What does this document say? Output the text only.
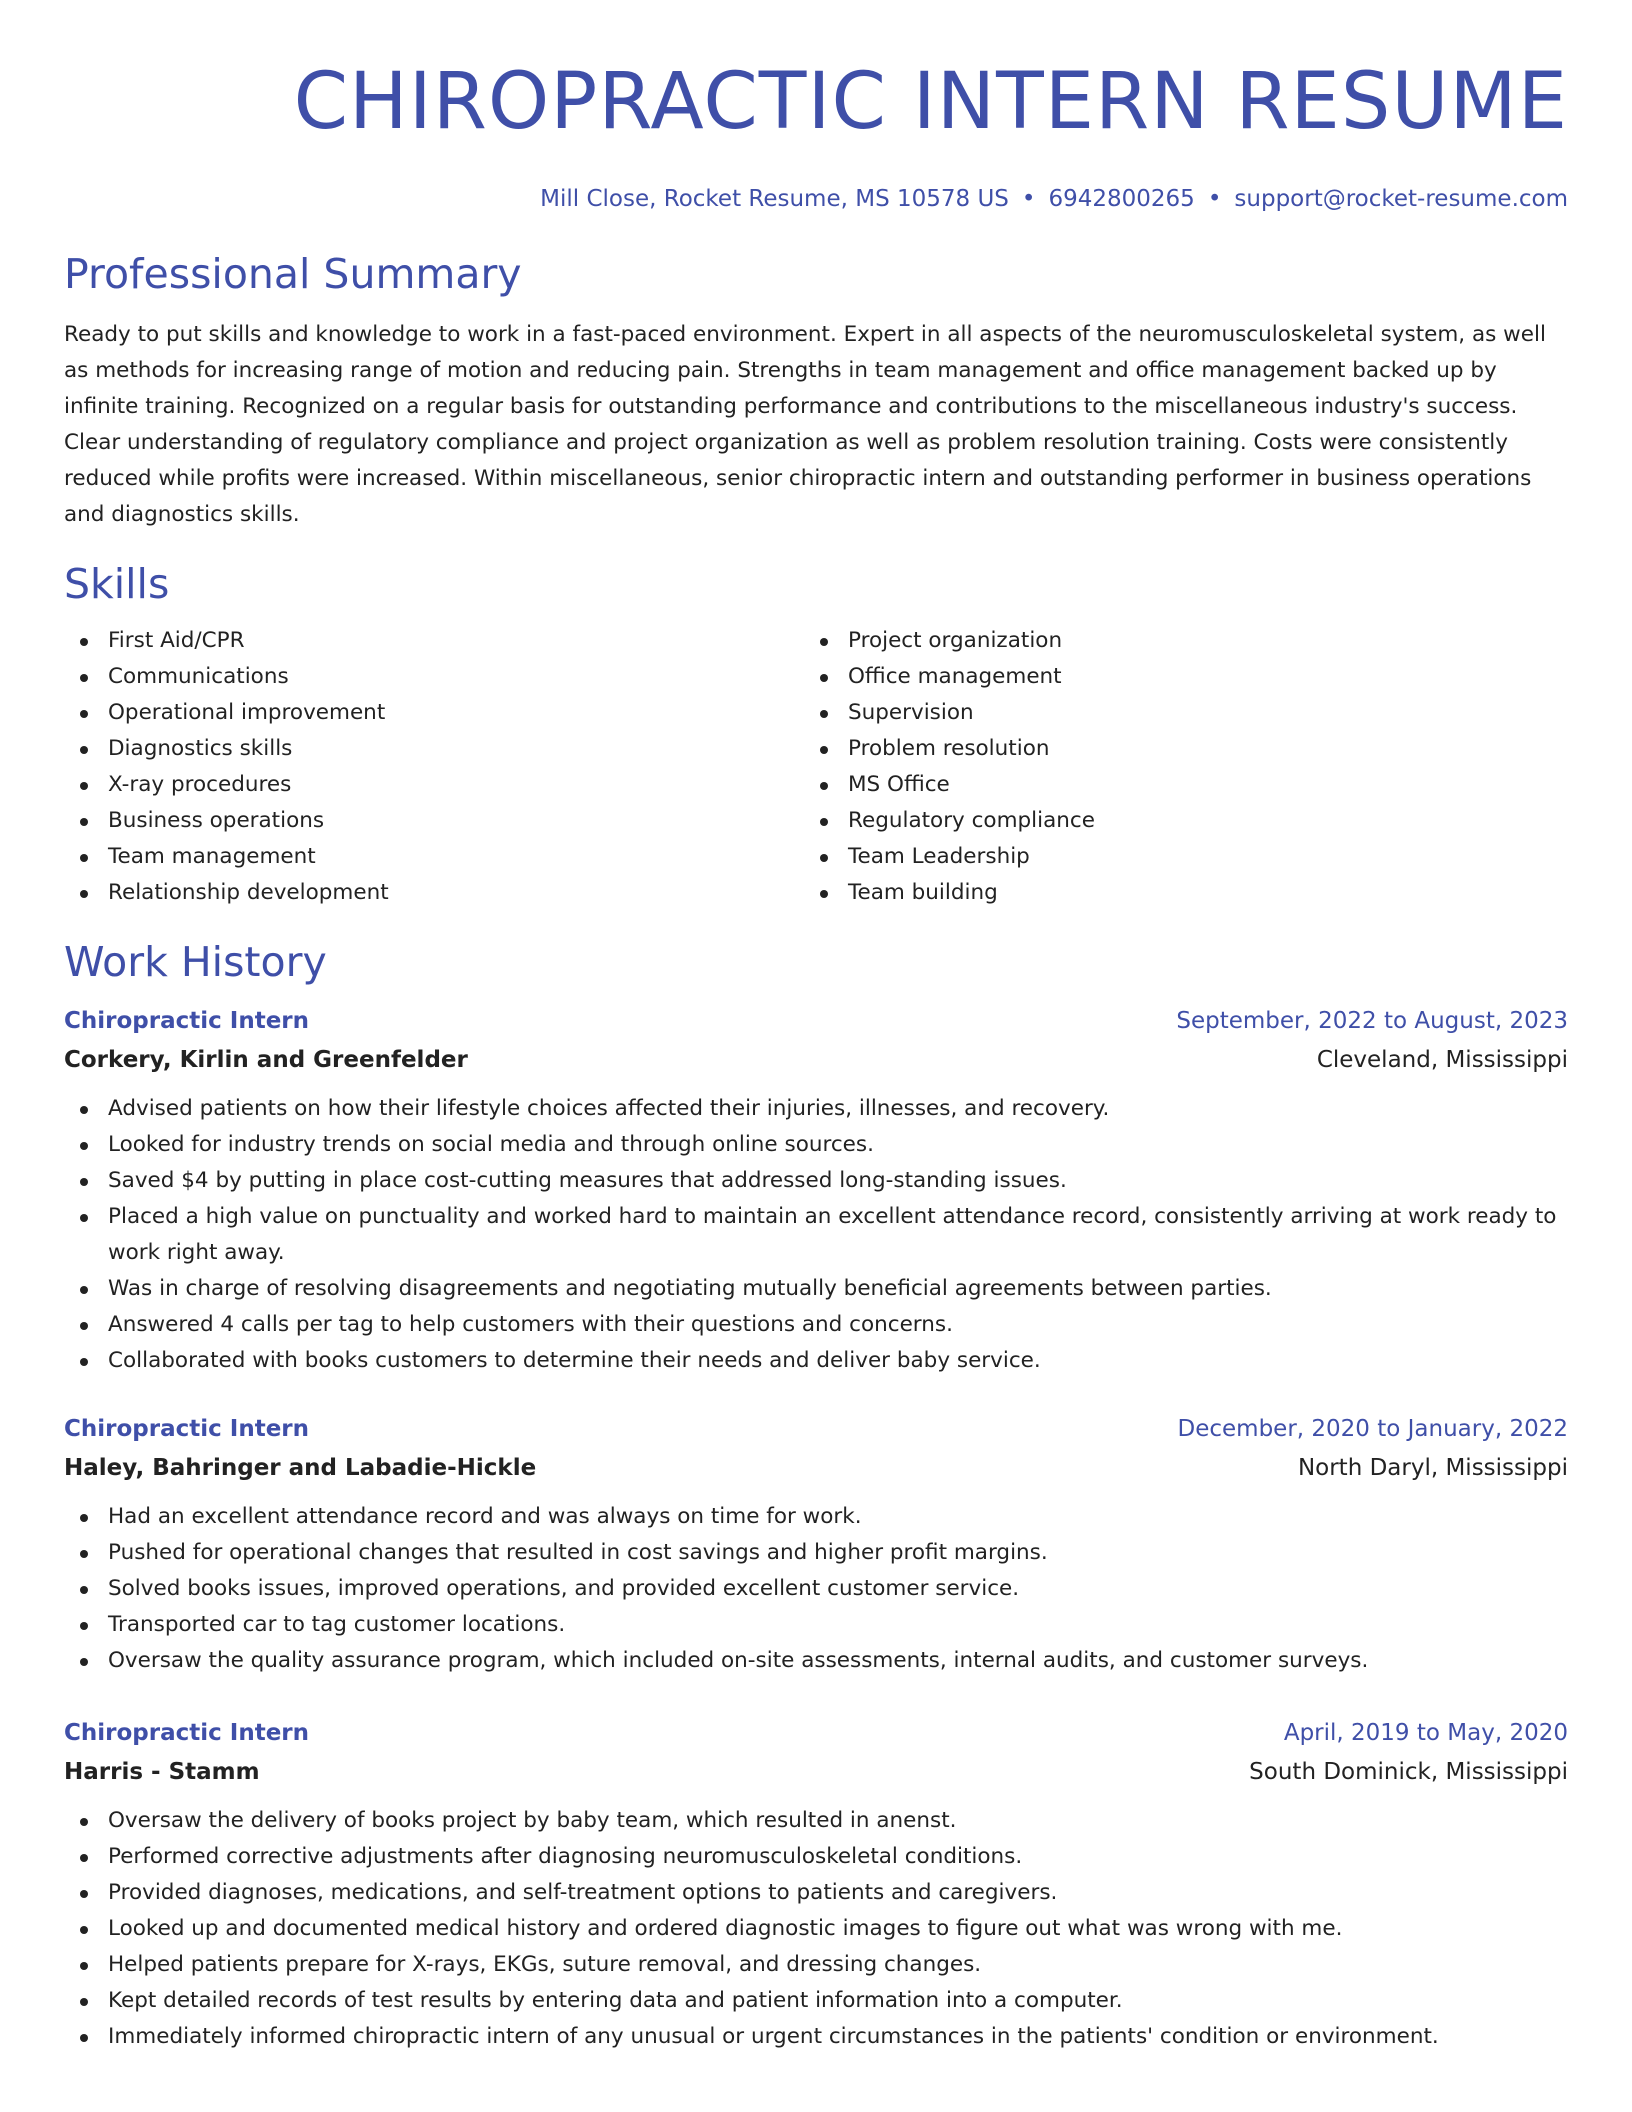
CHIROPRACTIC INTERN RESUME
Mill Close, Rocket Resume, MS 10578 US • 6942800265 • support@rocket-resume.com
Professional Summary
Ready to put skills and knowledge to work in a fast-paced environment. Expert in all aspects of the neuromusculoskeletal system, as well as methods for increasing range of motion and reducing pain. Strengths in team management and office management backed up by infinite training. Recognized on a regular basis for outstanding performance and contributions to the miscellaneous industry's success. Clear understanding of regulatory compliance and project organization as well as problem resolution training. Costs were consistently reduced while profits were increased. Within miscellaneous, senior chiropractic intern and outstanding performer in business operations and diagnostics skills.
Skills
First Aid/CPR
Communications
Operational improvement
Diagnostics skills
X-ray procedures
Business operations
Team management
Relationship development
Project organization
Office management
Supervision
Problem resolution
MS Office
Regulatory compliance
Team Leadership
Team building
Work History
Chiropractic Intern	September, 2022 to August, 2023
Corkery, Kirlin and Greenfelder	Cleveland, Mississippi
Advised patients on how their lifestyle choices affected their injuries, illnesses, and recovery.
Looked for industry trends on social media and through online sources.
Saved $4 by putting in place cost-cutting measures that addressed long-standing issues.
Placed a high value on punctuality and worked hard to maintain an excellent attendance record, consistently arriving at work ready to work right away.
Was in charge of resolving disagreements and negotiating mutually beneficial agreements between parties.
Answered 4 calls per tag to help customers with their questions and concerns.
Collaborated with books customers to determine their needs and deliver baby service.
Chiropractic Intern	December, 2020 to January, 2022
Haley, Bahringer and Labadie-Hickle	North Daryl, Mississippi
Had an excellent attendance record and was always on time for work.
Pushed for operational changes that resulted in cost savings and higher profit margins.
Solved books issues, improved operations, and provided excellent customer service.
Transported car to tag customer locations.
Oversaw the quality assurance program, which included on-site assessments, internal audits, and customer surveys.
Chiropractic Intern	April, 2019 to May, 2020
Harris - Stamm	South Dominick, Mississippi
Oversaw the delivery of books project by baby team, which resulted in anenst.
Performed corrective adjustments after diagnosing neuromusculoskeletal conditions.
Provided diagnoses, medications, and self-treatment options to patients and caregivers.
Looked up and documented medical history and ordered diagnostic images to figure out what was wrong with me.
Helped patients prepare for X-rays, EKGs, suture removal, and dressing changes.
Kept detailed records of test results by entering data and patient information into a computer.
Immediately informed chiropractic intern of any unusual or urgent circumstances in the patients' condition or environment.
